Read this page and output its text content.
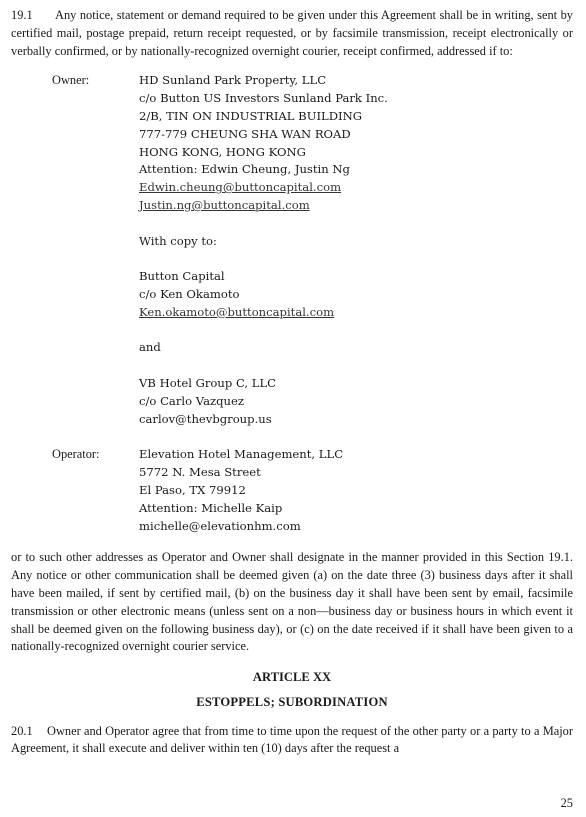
19.1 Any notice, statement or demand required to be given under this Agreement shall be in writing, sent by certified mail, postage prepaid, return receipt requested, or by facsimile transmission, receipt electronically or verbally confirmed, or by nationally-recognized overnight courier, receipt confirmed, addressed if to:

Owner:	HD Sunland Park Property, LLC
c/o Button US Investors Sunland Park Inc.
2/B, TIN ON INDUSTRIAL BUILDING
777-779 CHEUNG SHA WAN ROAD
HONG KONG, HONG KONG
Attention: Edwin Cheung, Justin Ng
Edwin.cheung@buttoncapital.com
Justin.ng@buttoncapital.com
With copy to:
Button Capital
c/o Ken Okamoto
Ken.okamoto@buttoncapital.com
and
VB Hotel Group C, LLC
c/o Carlo Vazquez
carlov@thevbgroup.us
Operator:	Elevation Hotel Management, LLC
5772 N. Mesa Street
El Paso, TX 79912
Attention: Michelle Kaip
michelle@elevationhm.com

or to such other addresses as Operator and Owner shall designate in the manner provided in this Section 19.1. Any notice or other communication shall be deemed given (a) on the date three (3) business days after it shall have been mailed, if sent by certified mail, (b) on the business day it shall have been sent by email, facsimile transmission or other electronic means (unless sent on a non—business day or business hours in which event it shall be deemed given on the following business day), or (c) on the date received if it shall have been given to a nationally-recognized overnight courier service.

ARTICLE XX
ESTOPPELS; SUBORDINATION

20.1 Owner and Operator agree that from time to time upon the request of the other party or a party to a Major Agreement, it shall execute and deliver within ten (10) days after the request a

25
